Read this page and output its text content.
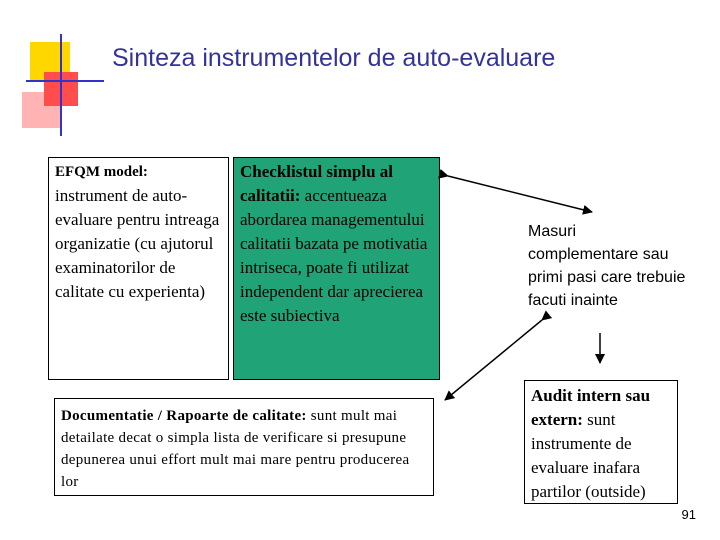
Sinteza instrumentelor de auto-evaluare
EFQM model:
instrument de auto-evaluare pentru intreaga organizatie (cu ajutorul examinatorilor de calitate cu experienta)
Checklistul simplu al calitatii: accentueaza abordarea managementului calitatii bazata pe motivatia intriseca, poate fi utilizat independent dar aprecierea este subiectiva
Documentatie / Rapoarte de calitate: sunt mult mai detailate decat o simpla lista de verificare si presupune depunerea unui effort mult mai mare pentru producerea lor
Audit intern sau extern: sunt instrumente de evaluare inafara partilor (outside)
Masuri complementare sau primi pasi care trebuie facuti inainte
91
